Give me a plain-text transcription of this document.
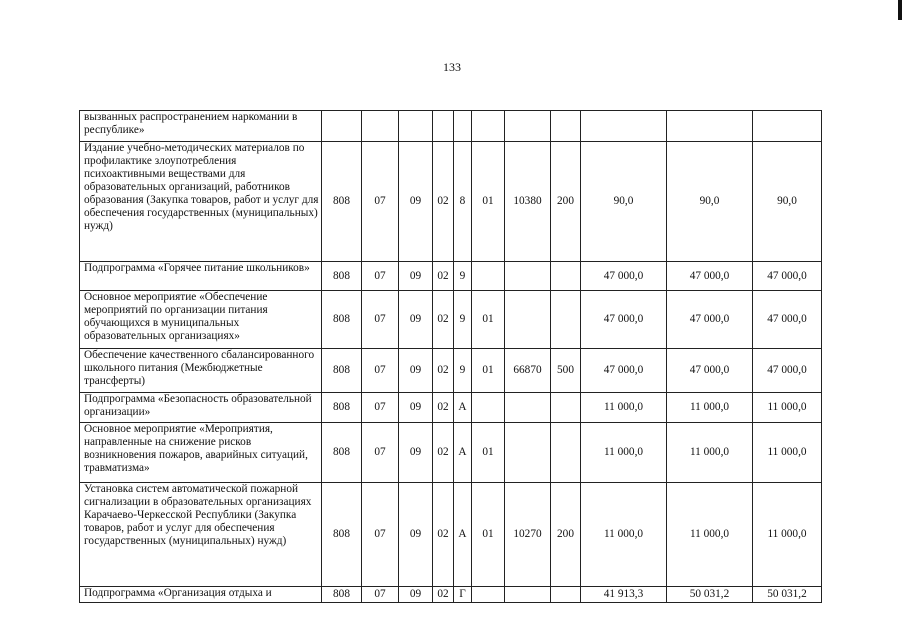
133
вызванных распространением наркомании в республике»											
Издание учебно-методических материалов по профилактике злоупотребления психоактивными веществами для образовательных организаций, работников образования (Закупка товаров, работ и услуг для обеспечения государственных (муниципальных) нужд)	808	07	09	02	8	01	10380	200	90,0	90,0	90,0
Подпрограмма «Горячее питание школьников»	808	07	09	02	9				47 000,0	47 000,0	47 000,0
Основное мероприятие «Обеспечение мероприятий по организации питания обучающихся в муниципальных образовательных организациях»	808	07	09	02	9	01			47 000,0	47 000,0	47 000,0
Обеспечение качественного сбалансированного школьного питания (Межбюджетные трансферты)	808	07	09	02	9	01	66870	500	47 000,0	47 000,0	47 000,0
Подпрограмма «Безопасность образовательной организации»	808	07	09	02	А				11 000,0	11 000,0	11 000,0
Основное мероприятие «Мероприятия, направленные на снижение рисков возникновения пожаров, аварийных ситуаций, травматизма»	808	07	09	02	А	01			11 000,0	11 000,0	11 000,0
Установка систем автоматической пожарной сигнализации в образовательных организациях Карачаево-Черкесской Республики (Закупка товаров, работ и услуг для обеспечения государственных (муниципальных) нужд)	808	07	09	02	А	01	10270	200	11 000,0	11 000,0	11 000,0
Подпрограмма «Организация отдыха и	808	07	09	02	Г				41 913,3	50 031,2	50 031,2
